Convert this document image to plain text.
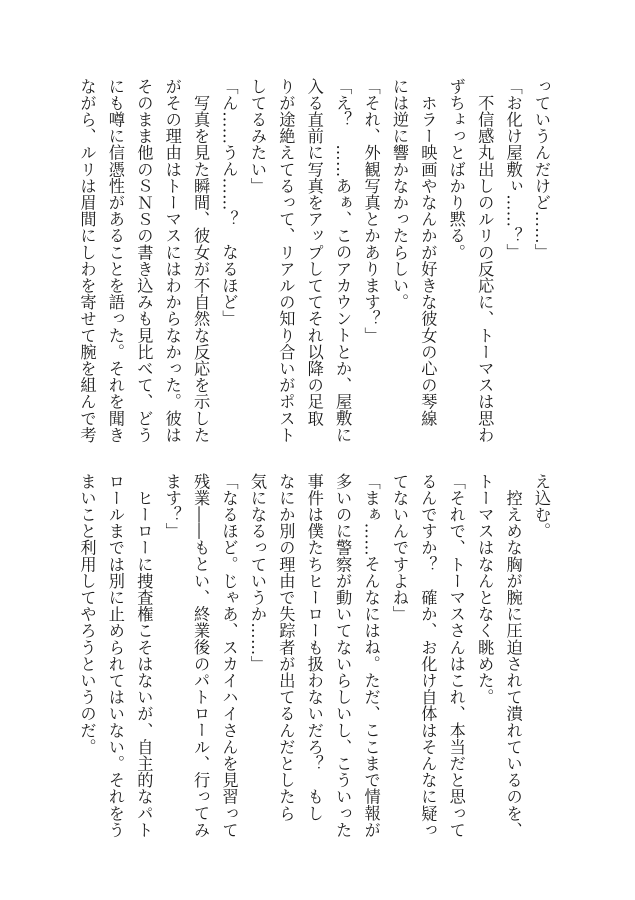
っていうんだけど……」
「お化け屋敷ぃ……？」
　不信感丸出しのルリの反応に、トーマスは思わ
ずちょっとばかり黙る。
　ホラー映画やなんかが好きな彼女の心の琴線
には逆に響かなかったらしい。
「それ、外観写真とかあります？」
「え？　……あぁ、このアカウントとか、屋敷に
入る直前に写真をアップしててそれ以降の足取
りが途絶えてるって、リアルの知り合いがポスト
してるみたい」
「ん……うん……？　なるほど」
　写真を見た瞬間、彼女が不自然な反応を示した
がその理由はトーマスにはわからなかった。彼は
そのまま他のＳＮＳの書き込みも見比べて、どう
にも噂に信憑性があることを語った。それを聞き
ながら、ルリは眉間にしわを寄せて腕を組んで考
え込む。
　控えめな胸が腕に圧迫されて潰れているのを、
トーマスはなんとなく眺めた。
「それで、トーマスさんはこれ、本当だと思って
るんですか？　確か、お化け自体はそんなに疑っ
てないんですよね」
「まぁ……そんなにはね。ただ、ここまで情報が
多いのに警察が動いてないらしいし、こういった
事件は僕たちヒーローも扱わないだろ？　もし
なにか別の理由で失踪者が出てるんだとしたら
気になるっていうか……」
「なるほど。じゃあ、スカイハイさんを見習って
残業――もとい、終業後のパトロール、行ってみ
ます？」
　ヒーローに捜査権こそはないが、自主的なパト
ロールまでは別に止められてはいない。それをう
まいこと利用してやろうというのだ。
